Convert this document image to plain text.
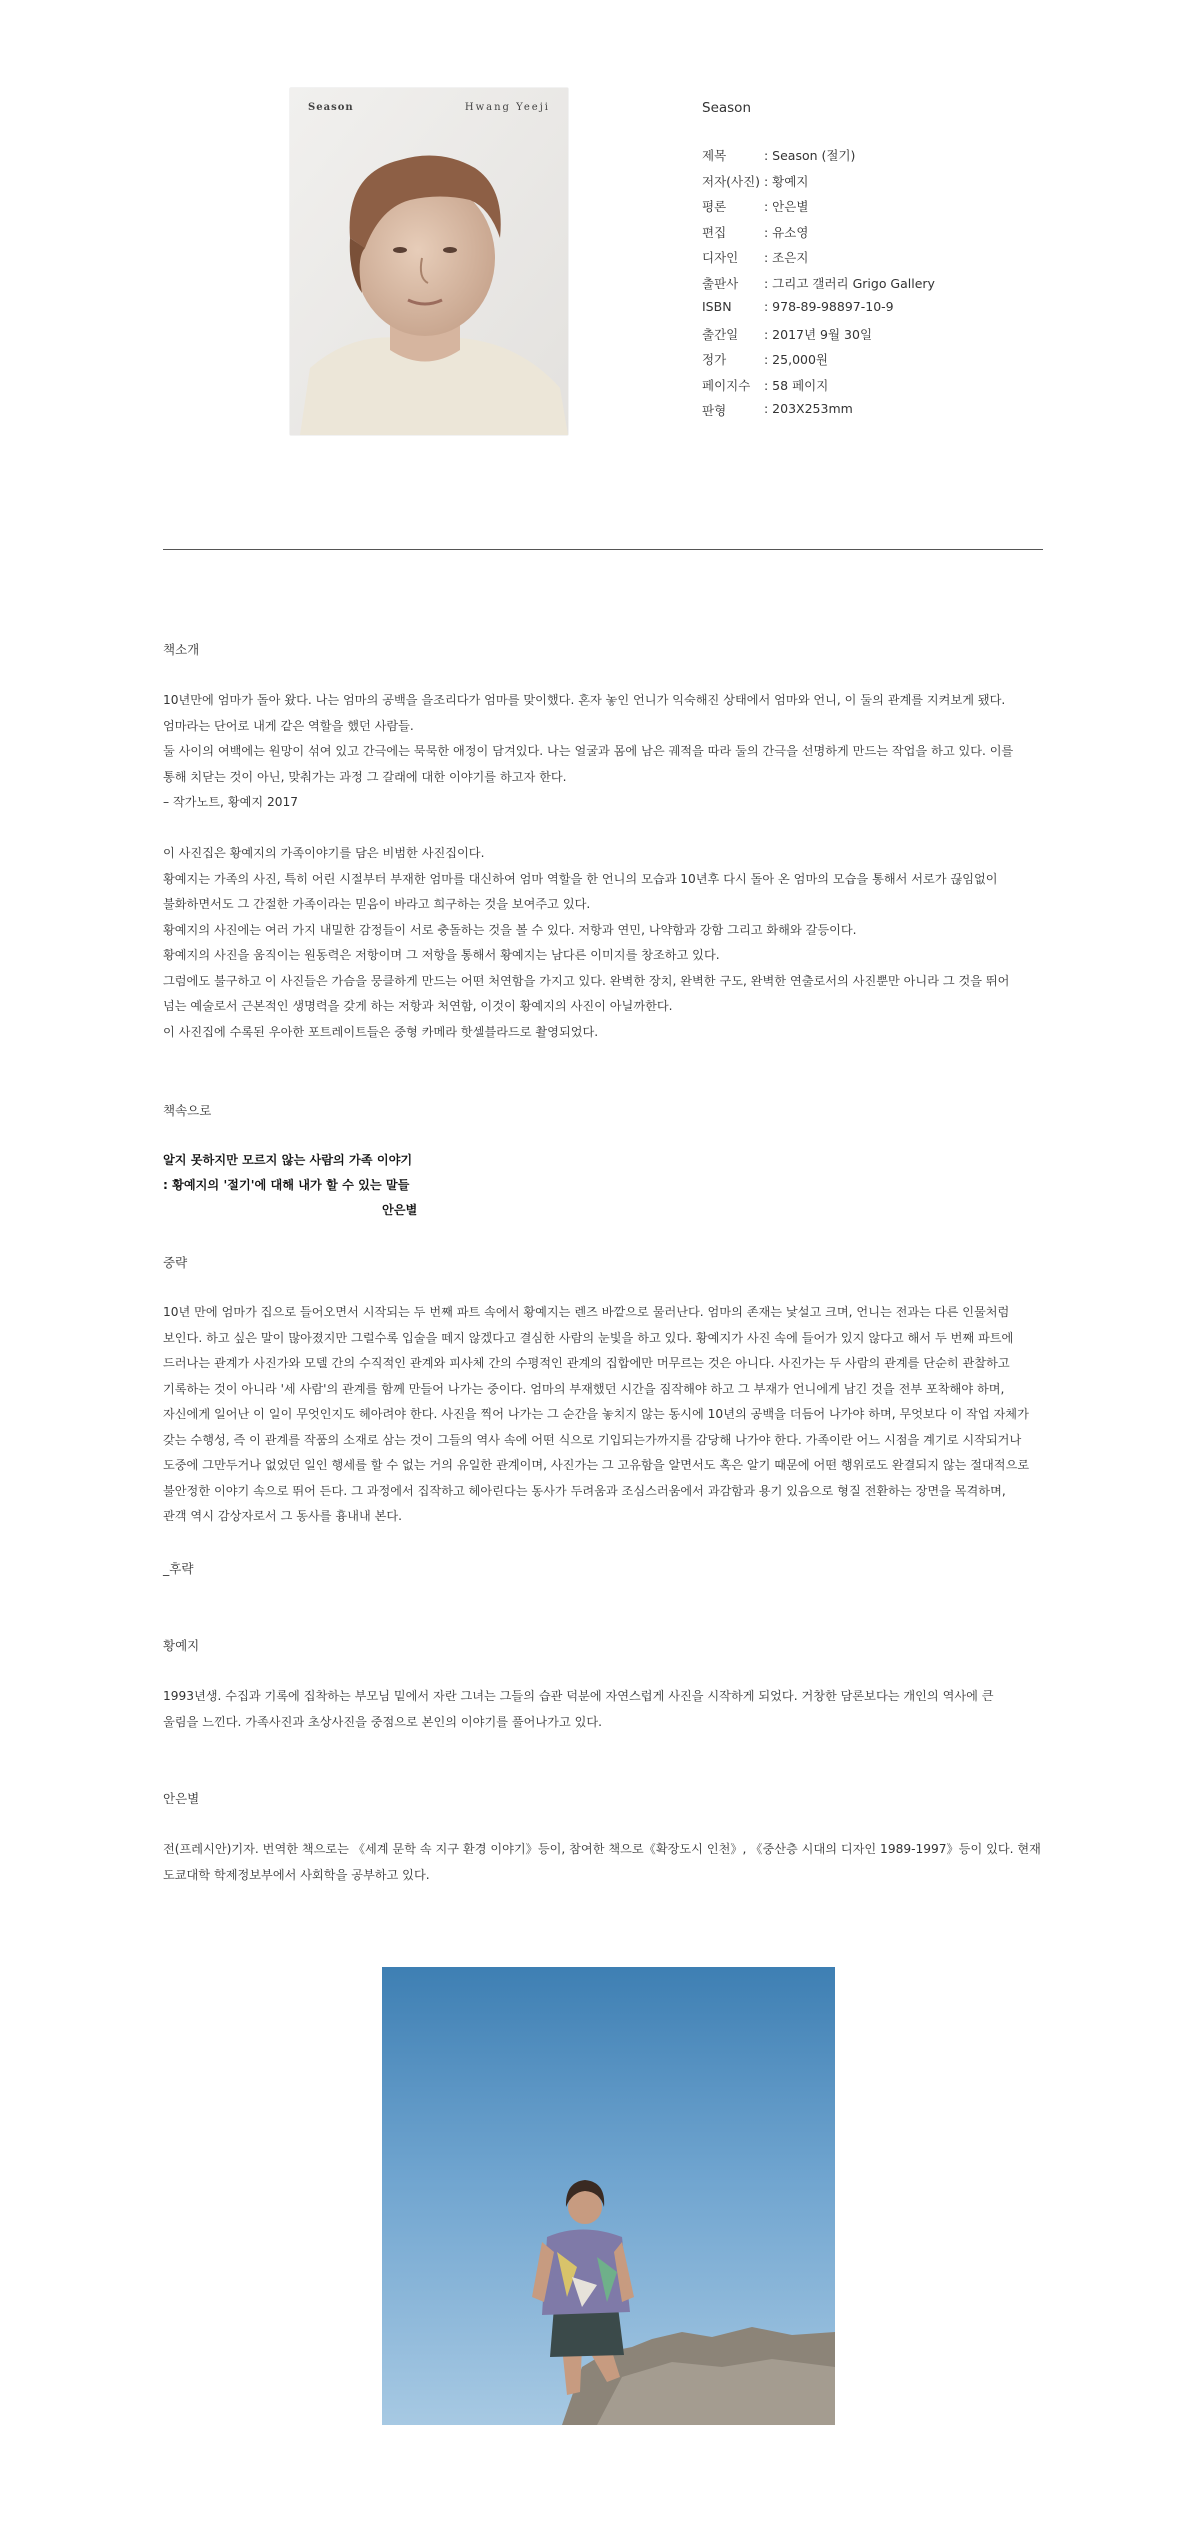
Season	Hwang Yeeji	Season
제목	: Season (절기)
저자(사진) : 황예지
평론	: 안은별
편집	: 유소영
디자인	: 조은지
출판사	: 그리고 갤러리 Grigo Gallery
ISBN	: 978-89-98897-10-9
출간일	: 2017년 9월 30일
정가	: 25,000원
페이지수	: 58 페이지
판형	: 203X253mm
책소개
10년만에 엄마가 돌아 왔다. 나는 엄마의 공백을 을조리다가 엄마를 맞이했다. 혼자 놓인 언니가 익숙해진 상태에서 엄마와 언니, 이 둘의 관계를 지켜보게 됐다.
엄마라는 단어로 내게 같은 역할을 했던 사람들.
둘 사이의 여백에는 원망이 섞여 있고 간극에는 묵묵한 애정이 담겨있다. 나는 얼굴과 몸에 남은 궤적을 따라 둘의 간극을 선명하게 만드는 작업을 하고 있다. 이를
통해 치닫는 것이 아닌, 맞춰가는 과정 그 갈래에 대한 이야기를 하고자 한다.
– 작가노트, 황예지 2017
이 사진집은 황예지의 가족이야기를 담은 비범한 사진집이다.
황예지는 가족의 사진, 특히 어린 시절부터 부재한 엄마를 대신하여 엄마 역할을 한 언니의 모습과 10년후 다시 돌아 온 엄마의 모습을 통해서 서로가 끊임없이
불화하면서도 그 간절한 가족이라는 믿음이 바라고 희구하는 것을 보여주고 있다.
황예지의 사진에는 여러 가지 내밀한 감정들이 서로 충돌하는 것을 볼 수 있다. 저항과 연민, 나약함과 강함 그리고 화해와 갈등이다.
황예지의 사진을 움직이는 원동력은 저항이며 그 저항을 통해서 황예지는 남다른 이미지를 창조하고 있다.
그럼에도 불구하고 이 사진들은 가슴을 뭉클하게 만드는 어떤 처연함을 가지고 있다. 완벽한 장치, 완벽한 구도, 완벽한 연출로서의 사진뿐만 아니라 그 것을 뛰어
넘는 예술로서 근본적인 생명력을 갖게 하는 저항과 처연함, 이것이 황예지의 사진이 아닐까한다.
이 사진집에 수록된 우아한 포트레이트들은 중형 카메라 핫셀블라드로 촬영되었다.
책속으로
알지 못하지만 모르지 않는 사람의 가족 이야기
: 황예지의 '절기'에 대해 내가 할 수 있는 말들
안은별
중략
10년 만에 엄마가 집으로 들어오면서 시작되는 두 번째 파트 속에서 황예지는 렌즈 바깥으로 물러난다. 엄마의 존재는 낯설고 크며, 언니는 전과는 다른 인물처럼
보인다. 하고 싶은 말이 많아졌지만 그럴수록 입술을 떼지 않겠다고 결심한 사람의 눈빛을 하고 있다. 황예지가 사진 속에 들어가 있지 않다고 해서 두 번째 파트에
드러나는 관계가 사진가와 모델 간의 수직적인 관계와 피사체 간의 수평적인 관계의 집합에만 머무르는 것은 아니다. 사진가는 두 사람의 관계를 단순히 관찰하고
기록하는 것이 아니라 '세 사람'의 관계를 함께 만들어 나가는 중이다. 엄마의 부재했던 시간을 짐작해야 하고 그 부재가 언니에게 남긴 것을 전부 포착해야 하며,
자신에게 일어난 이 일이 무엇인지도 헤아려야 한다. 사진을 찍어 나가는 그 순간을 놓치지 않는 동시에 10년의 공백을 더듬어 나가야 하며, 무엇보다 이 작업 자체가
갖는 수행성, 즉 이 관계를 작품의 소재로 삼는 것이 그들의 역사 속에 어떤 식으로 기입되는가까지를 감당해 나가야 한다. 가족이란 어느 시점을 계기로 시작되거나
도중에 그만두거나 없었던 일인 행세를 할 수 없는 거의 유일한 관계이며, 사진가는 그 고유함을 알면서도 혹은 알기 때문에 어떤 행위로도 완결되지 않는 절대적으로
불안정한 이야기 속으로 뛰어 든다. 그 과정에서 집작하고 헤아린다는 동사가 두려움과 조심스러움에서 과감함과 용기 있음으로 형질 전환하는 장면을 목격하며,
관객 역시 감상자로서 그 동사를 흉내내 본다.
_후략
황예지
1993년생. 수집과 기록에 집착하는 부모님 밑에서 자란 그녀는 그들의 습관 덕분에 자연스럽게 사진을 시작하게 되었다. 거창한 담론보다는 개인의 역사에 큰
울림을 느낀다. 가족사진과 초상사진을 중점으로 본인의 이야기를 풀어나가고 있다.
안은별
전(프레시안)기자. 번역한 책으로는 《세계 문학 속 지구 환경 이야기》등이, 참여한 책으로《확장도시 인천》, 《중산층 시대의 디자인 1989-1997》등이 있다. 현재
도쿄대학 학제정보부에서 사회학을 공부하고 있다.
